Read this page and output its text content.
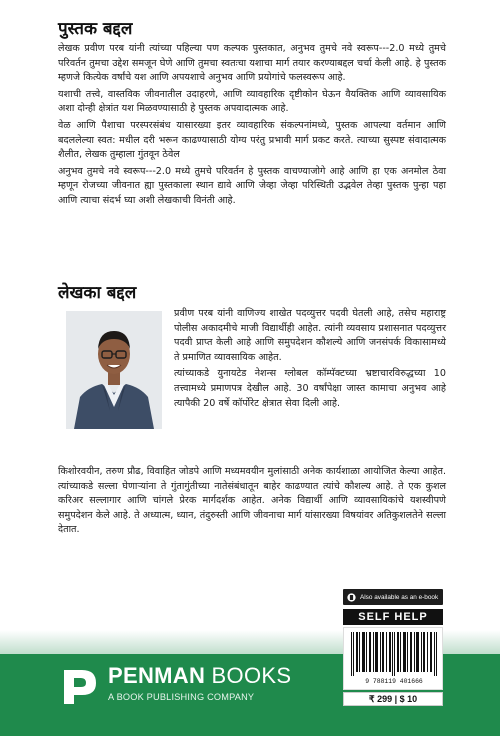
पुस्तक बद्दल

लेखक प्रवीण परब यांनी त्यांच्या पहिल्या पण कल्पक पुस्तकात, अनुभव तुमचे नवे स्वरूप---2.0 मध्ये तुमचे परिवर्तन तुमचा उद्देश समजून घेणे आणि तुमचा स्वतःचा यशाचा मार्ग तयार करण्याबद्दल चर्चा केली आहे. हे पुस्तक म्हणजे कित्येक वर्षांचे यश आणि अपयशाचे अनुभव आणि प्रयोगांचे फलस्वरूप आहे.

यशाची तत्त्वे, वास्तविक जीवनातील उदाहरणे, आणि व्यावहारिक दृष्टीकोन घेऊन वैयक्तिक आणि व्यावसायिक अशा दोन्ही क्षेत्रांत यश मिळवण्यासाठी हे पुस्तक अपवादात्मक आहे.

वेळ आणि पैशाचा परस्परसंबंध यासारख्या इतर व्यावहारिक संकल्पनांमध्ये, पुस्तक आपल्या वर्तमान आणि बदललेल्या स्वत: मधील दरी भरून काढण्यासाठी योग्य परंतु प्रभावी मार्ग प्रकट करते. त्याच्या सुस्पष्ट संवादात्मक शैलीत, लेखक तुम्हाला गुंतवून ठेवेल

अनुभव तुमचे नवे स्वरूप---2.0 मध्ये तुमचे परिवर्तन हे पुस्तक वाचण्याजोगे आहे आणि हा एक अनमोल ठेवा म्हणून रोजच्या जीवनात ह्या पुस्तकाला स्थान द्यावे आणि जेव्हा जेव्हा परिस्थिती उद्भवेल तेव्हा पुस्तक पुन्हा पहा आणि त्याचा संदर्भ घ्या अशी लेखकाची विनंती आहे.

लेखका बद्दल

प्रवीण परब यांनी वाणिज्य शाखेत पदव्युत्तर पदवी घेतली आहे, तसेच महाराष्ट्र पोलीस अकादमीचे माजी विद्यार्थीही आहेत. त्यांनी व्यवसाय प्रशासनात पदव्युत्तर पदवी प्राप्त केली आहे आणि समुपदेशन कौशल्ये आणि जनसंपर्क विकासामध्ये ते प्रमाणित व्यावसायिक आहेत.

त्यांच्याकडे युनायटेड नेशन्स ग्लोबल कॉम्पॅक्टच्या भ्रष्टाचारविरुद्धच्या 10 तत्त्वामध्ये प्रमाणपत्र देखील आहे. 30 वर्षांपेक्षा जास्त कामाचा अनुभव आहे त्यापैकी 20 वर्षे कॉर्पोरेट क्षेत्रात सेवा दिली आहे.

किशोरवयीन, तरुण प्रौढ, विवाहित जोडपे आणि मध्यमवयीन मुलांसाठी अनेक कार्यशाळा आयोजित केल्या आहेत. त्यांच्याकडे सल्ला घेणाऱ्यांना ते गुंतागुंतीच्या नातेसंबंधातून बाहेर काढण्यात त्यांचे कौशल्य आहे. ते एक कुशल करिअर सल्लागार आणि चांगले प्रेरक मार्गदर्शक आहेत. अनेक विद्यार्थी आणि व्यावसायिकांचे यशस्वीपणे समुपदेशन केले आहे. ते अध्यात्म, ध्यान, तंदुरुस्ती आणि जीवनाचा मार्ग यांसारख्या विषयांवर अतिकुशलतेने सल्ला देतात.

PENMAN BOOKS
A BOOK PUBLISHING COMPANY
Also available as an e-book
SELF HELP
9 788119 401666
₹ 299 | $ 10
